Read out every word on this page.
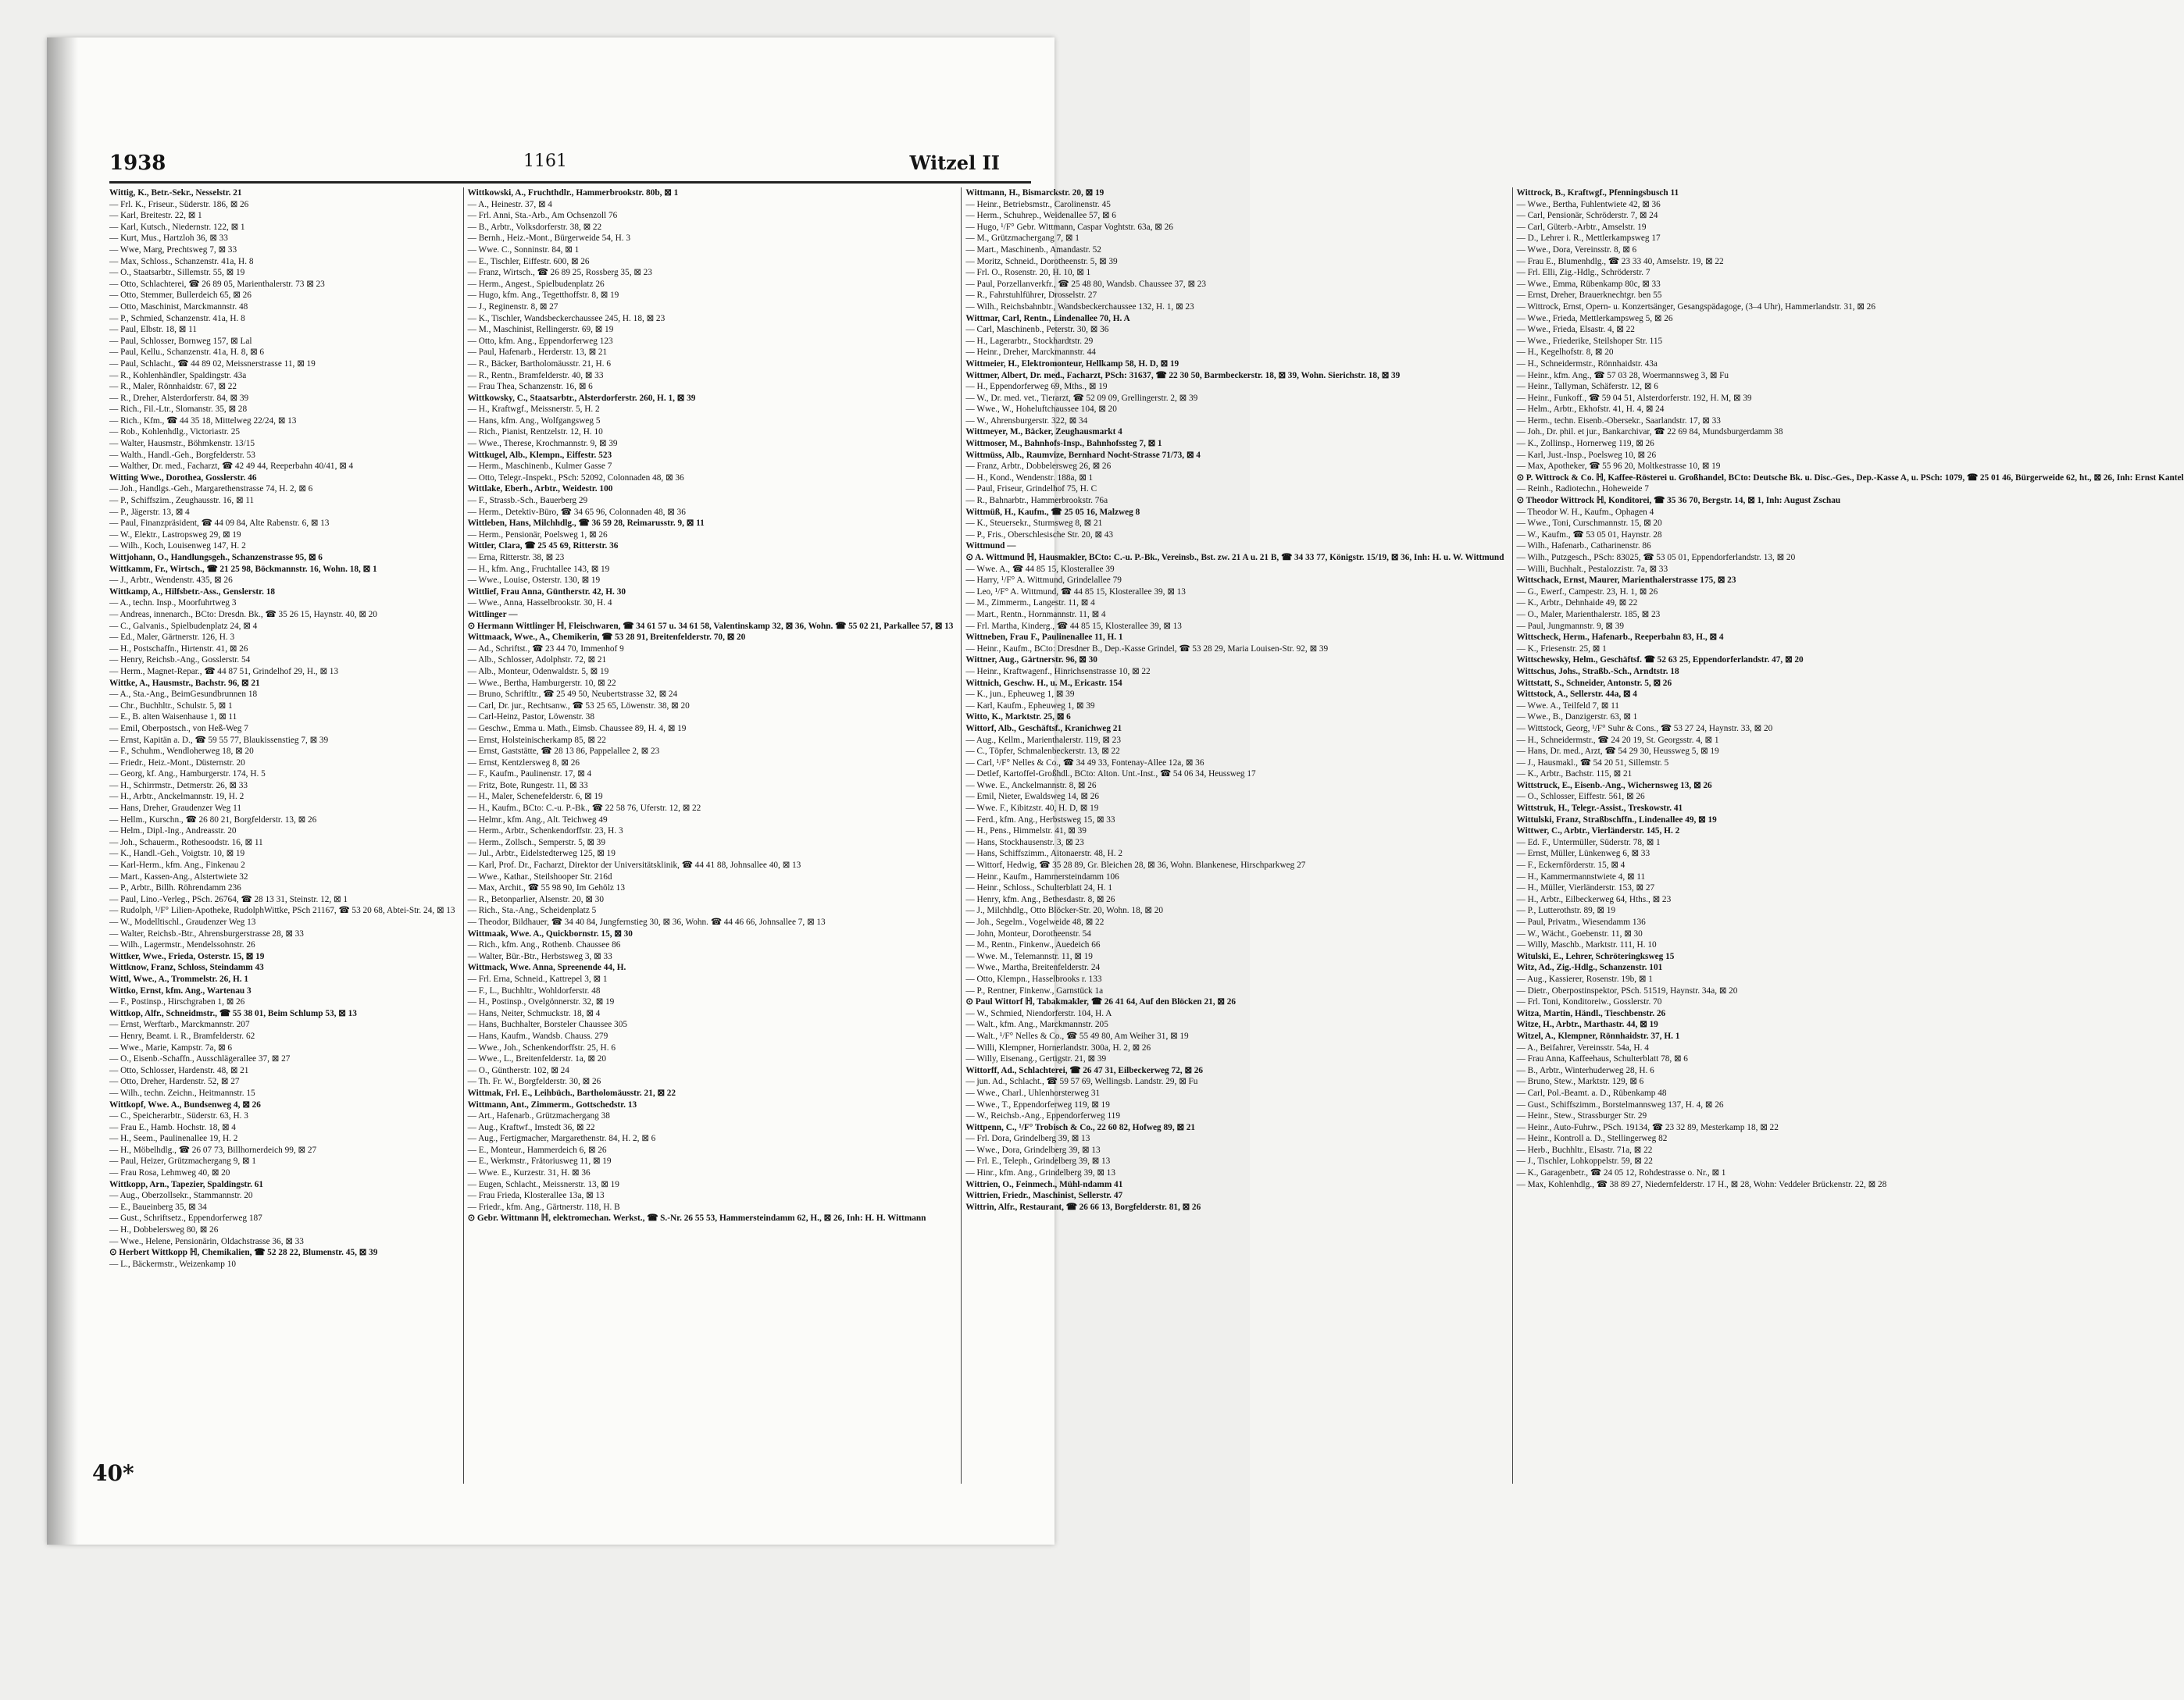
1938	1161	Witzel II
Wittig, K., Betr.-Sekr., Nesselstr. 21
— Frl. K., Friseur., Süderstr. 186, ⊠ 26
— Karl, Breitestr. 22, ⊠ 1
— Karl, Kutsch., Niedernstr. 122, ⊠ 1
— Kurt, Mus., Hartzloh 36, ⊠ 33
— Wwe, Marg, Prechtsweg 7, ⊠ 33
— Max, Schloss., Schanzenstr. 41a, H. 8
— O., Staatsarbtr., Sillemstr. 55, ⊠ 19
— Otto, Schlachterei, ☎ 26 89 05, Marienthalerstr. 73 ⊠ 23
— Otto, Stemmer, Bullerdeich 65, ⊠ 26
— Otto, Maschinist, Marckmannstr. 48
— P., Schmied, Schanzenstr. 41a, H. 8
— Paul, Elbstr. 18, ⊠ 11
— Paul, Schlosser, Bornweg 157, ⊠ Lal
— Paul, Kellu., Schanzenstr. 41a, H. 8, ⊠ 6
— Paul, Schlacht., ☎ 44 89 02, Meissnerstrasse 11, ⊠ 19
— R., Kohlenhändler, Spaldingstr. 43a
— R., Maler, Rönnhaidstr. 67, ⊠ 22
— R., Dreher, Alsterdorferstr. 84, ⊠ 39
— Rich., Fil.-Ltr., Slomanstr. 35, ⊠ 28
— Rich., Kfm., ☎ 44 35 18, Mittelweg 22/24, ⊠ 13
— Rob., Kohlenhdlg., Victoriastr. 25
— Walter, Hausmstr., Böhmkenstr. 13/15
— Walth., Handl.-Geh., Borgfelderstr. 53
— Walther, Dr. med., Facharzt, ☎ 42 49 44, Reeperbahn 40/41, ⊠ 4
Witting Wwe., Dorothea, Gosslerstr. 46
— Joh., Handlgs.-Geh., Margarethenstrasse 74, H. 2, ⊠ 6
— P., Schiffszim., Zeughausstr. 16, ⊠ 11
— P., Jägerstr. 13, ⊠ 4
— Paul, Finanzpräsident, ☎ 44 09 84, Alte Rabenstr. 6, ⊠ 13
— W., Elektr., Lastropsweg 29, ⊠ 19
— Wilh., Koch, Louisenweg 147, H. 2
Wittjohann, O., Handlungsgeh., Schanzenstrasse 95, ⊠ 6
Wittkamm, Fr., Wirtsch., ☎ 21 25 98, Böckmannstr. 16, Wohn. 18, ⊠ 1
— J., Arbtr., Wendenstr. 435, ⊠ 26
Wittkamp, A., Hilfsbetr.-Ass., Genslerstr. 18
— A., techn. Insp., Moorfuhrtweg 3
— Andreas, innenarch., BCto: Dresdn. Bk., ☎ 35 26 15, Haynstr. 40, ⊠ 20
— C., Galvanis., Spielbudenplatz 24, ⊠ 4
— Ed., Maler, Gärtnerstr. 126, H. 3
— H., Postschaffn., Hirtenstr. 41, ⊠ 26
— Henry, Reichsb.-Ang., Gosslerstr. 54
— Herm., Magnet-Repar., ☎ 44 87 51, Grindelhof 29, H., ⊠ 13
Wittke, A., Hausmstr., Bachstr. 96, ⊠ 21
— A., Sta.-Ang., BeimGesundbrunnen 18
— Chr., Buchhltr., Schulstr. 5, ⊠ 1
— E., B. alten Waisenhause 1, ⊠ 11
— Emil, Oberpostsch., von Heß-Weg 7
— Ernst, Kapitän a. D., ☎ 59 55 77, Blaukissenstieg 7, ⊠ 39
— F., Schuhm., Wendloherweg 18, ⊠ 20
— Friedr., Heiz.-Mont., Düsternstr. 20
— Georg, kf. Ang., Hamburgerstr. 174, H. 5
— H., Schirrmstr., Detmerstr. 26, ⊠ 33
— H., Arbtr., Anckelmannstr. 19, H. 2
— Hans, Dreher, Graudenzer Weg 11
— Hellm., Kurschn., ☎ 26 80 21, Borgfelderstr. 13, ⊠ 26
— Helm., Dipl.-Ing., Andreasstr. 20
— Joh., Schauerm., Rothesoodstr. 16, ⊠ 11
— K., Handl.-Geh., Voigtstr. 10, ⊠ 19
— Karl-Herm., kfm. Ang., Finkenau 2
— Mart., Kassen-Ang., Alstertwiete 32
— P., Arbtr., Billh. Röhrendamm 236
— Paul, Lino.-Verleg., PSch. 26764, ☎ 28 13 31, Steinstr. 12, ⊠ 1
— Rudolph, ¹/F° Lilien-Apotheke, RudolphWittke, PSch 21167, ☎ 53 20 68, Abtei-Str. 24, ⊠ 13
— W., Modelltischl., Graudenzer Weg 13
— Walter, Reichsb.-Btr., Ahrensburgerstrasse 28, ⊠ 33
— Wilh., Lagermstr., Mendelssohnstr. 26
Wittker, Wwe., Frieda, Osterstr. 15, ⊠ 19
Wittknow, Franz, Schloss, Steindamm 43
Wittl, Wwe., A., Trommelstr. 26, H. 1
Wittko, Ernst, kfm. Ang., Wartenau 3
— F., Postinsp., Hirschgraben 1, ⊠ 26
Wittkop, Alfr., Schneidmstr., ☎ 55 38 01, Beim Schlump 53, ⊠ 13
— Ernst, Werftarb., Marckmannstr. 207
— Henry, Beamt. i. R., Bramfelderstr. 62
— Wwe., Marie, Kampstr. 7a, ⊠ 6
— O., Eisenb.-Schaffn., Ausschlägerallee 37, ⊠ 27
— Otto, Schlosser, Hardenstr. 48, ⊠ 21
— Otto, Dreher, Hardenstr. 52, ⊠ 27
— Wilh., techn. Zeichn., Heitmannstr. 15
Wittkopf, Wwe. A., Bundsenweg 4, ⊠ 26
— C., Speicherarbtr., Süderstr. 63, H. 3
— Frau E., Hamb. Hochstr. 18, ⊠ 4
— H., Seem., Paulinenallee 19, H. 2
— H., Möbelhdlg., ☎ 26 07 73, Billhornerdeich 99, ⊠ 27
— Paul, Heizer, Grützmachergang 9, ⊠ 1
— Frau Rosa, Lehmweg 40, ⊠ 20
Wittkopp, Arn., Tapezier, Spaldingstr. 61
— Aug., Oberzollsekr., Stammannstr. 20
— E., Baueinberg 35, ⊠ 34
— Gust., Schriftsetz., Eppendorferweg 187
— H., Dobbelersweg 80, ⊠ 26
— Wwe., Helene, Pensionärin, Oldachstrasse 36, ⊠ 33
⊙ Herbert Wittkopp ℍ, Chemikalien, ☎ 52 28 22, Blumenstr. 45, ⊠ 39
— L., Bäckermstr., Weizenkamp 10
Wittkowski, A., Fruchthdlr., Hammerbrookstr. 80b, ⊠ 1
— A., Heinestr. 37, ⊠ 4
— Frl. Anni, Sta.-Arb., Am Ochsenzoll 76
— B., Arbtr., Volksdorferstr. 38, ⊠ 22
— Bernh., Heiz.-Mont., Bürgerweide 54, H. 3
— Wwe. C., Sonninstr. 84, ⊠ 1
— E., Tischler, Eiffestr. 600, ⊠ 26
— Franz, Wirtsch., ☎ 26 89 25, Rossberg 35, ⊠ 23
— Herm., Angest., Spielbudenplatz 26
— Hugo, kfm. Ang., Tegetthoffstr. 8, ⊠ 19
— J., Reginenstr. 8, ⊠ 27
— K., Tischler, Wandsbeckerchaussee 245, H. 18, ⊠ 23
— M., Maschinist, Rellingerstr. 69, ⊠ 19
— Otto, kfm. Ang., Eppendorferweg 123
— Paul, Hafenarb., Herderstr. 13, ⊠ 21
— R., Bäcker, Bartholomäusstr. 21, H. 6
— R., Rentn., Bramfelderstr. 40, ⊠ 33
— Frau Thea, Schanzenstr. 16, ⊠ 6
Wittkowsky, C., Staatsarbtr., Alsterdorferstr. 260, H. 1, ⊠ 39
— H., Kraftwgf., Meissnerstr. 5, H. 2
— Hans, kfm. Ang., Wolfgangsweg 5
— Rich., Pianist, Rentzelstr. 12, H. 10
— Wwe., Therese, Krochmannstr. 9, ⊠ 39
Wittkugel, Alb., Klempn., Eiffestr. 523
— Herm., Maschinenb., Kulmer Gasse 7
— Otto, Telegr.-Inspekt., PSch: 52092, Colonnaden 48, ⊠ 36
Wittlake, Eberh., Arbtr., Weidestr. 100
— F., Strassb.-Sch., Bauerberg 29
— Herm., Detektiv-Büro, ☎ 34 65 96, Colonnaden 48, ⊠ 36
Wittleben, Hans, Milchhdlg., ☎ 36 59 28, Reimarusstr. 9, ⊠ 11
— Herm., Pensionär, Poelsweg 1, ⊠ 26
Wittler, Clara, ☎ 25 45 69, Ritterstr. 36
— Erna, Ritterstr. 38, ⊠ 23
— H., kfm. Ang., Fruchtallee 143, ⊠ 19
— Wwe., Louise, Osterstr. 130, ⊠ 19
Wittlief, Frau Anna, Güntherstr. 42, H. 30
— Wwe., Anna, Hasselbrookstr. 30, H. 4
Wittlinger —
⊙ Hermann Wittlinger ℍ, Fleischwaren, ☎ 34 61 57 u. 34 61 58, Valentinskamp 32, ⊠ 36, Wohn. ☎ 55 02 21, Parkallee 57, ⊠ 13
Wittmaack, Wwe., A., Chemikerin, ☎ 53 28 91, Breitenfelderstr. 70, ⊠ 20
— Ad., Schriftst., ☎ 23 44 70, Immenhof 9
— Alb., Schlosser, Adolphstr. 72, ⊠ 21
— Alb., Monteur, Odenwaldstr. 5, ⊠ 19
— Wwe., Bertha, Hamburgerstr. 10, ⊠ 22
— Bruno, Schriftltr., ☎ 25 49 50, Neubertstrasse 32, ⊠ 24
— Carl, Dr. jur., Rechtsanw., ☎ 53 25 65, Löwenstr. 38, ⊠ 20
— Carl-Heinz, Pastor, Löwenstr. 38
— Geschw., Emma u. Math., Eimsb. Chaussee 89, H. 4, ⊠ 19
— Ernst, Holsteinischerkamp 85, ⊠ 22
— Ernst, Gaststätte, ☎ 28 13 86, Pappelallee 2, ⊠ 23
— Ernst, Kentzlersweg 8, ⊠ 26
— F., Kaufm., Paulinenstr. 17, ⊠ 4
— Fritz, Bote, Rungestr. 11, ⊠ 33
— H., Maler, Schenefelderstr. 6, ⊠ 19
— H., Kaufm., BCto: C.-u. P.-Bk., ☎ 22 58 76, Uferstr. 12, ⊠ 22
— Helmr., kfm. Ang., Alt. Teichweg 49
— Herm., Arbtr., Schenkendorffstr. 23, H. 3
— Herm., Zollsch., Semperstr. 5, ⊠ 39
— Jul., Arbtr., Eidelstedterweg 125, ⊠ 19
— Karl, Prof. Dr., Facharzt, Direktor der Universitätsklinik, ☎ 44 41 88, Johnsallee 40, ⊠ 13
— Wwe., Kathar., Steilshooper Str. 216d
— Max, Archit., ☎ 55 98 90, Im Gehölz 13
— R., Betonparlier, Alsenstr. 20, ⊠ 30
— Rich., Sta.-Ang., Scheidenplatz 5
— Theodor, Bildhauer, ☎ 34 40 84, Jungfernstieg 30, ⊠ 36, Wohn. ☎ 44 46 66, Johnsallee 7, ⊠ 13
Wittmaak, Wwe. A., Quickbornstr. 15, ⊠ 30
— Rich., kfm. Ang., Rothenb. Chaussee 86
— Walter, Bür.-Btr., Herbstsweg 3, ⊠ 33
Wittmack, Wwe. Anna, Spreenende 44, H.
— Frl. Erna, Schneid., Kattrepel 3, ⊠ 1
— F., L., Buchhltr., Wohldorferstr. 48
— H., Postinsp., Ovelgönnerstr. 32, ⊠ 19
— Hans, Neiter, Schmuckstr. 18, ⊠ 4
— Hans, Buchhalter, Borsteler Chaussee 305
— Hans, Kaufm., Wandsb. Chauss. 279
— Wwe., Joh., Schenkendorffstr. 25, H. 6
— Wwe., L., Breitenfelderstr. 1a, ⊠ 20
— O., Güntherstr. 102, ⊠ 24
— Th. Fr. W., Borgfelderstr. 30, ⊠ 26
Wittmak, Frl. E., Leihbüch., Bartholomäusstr. 21, ⊠ 22
Wittmann, Ant., Zimmerm., Gottschedstr. 13
— Art., Hafenarb., Grützmachergang 38
— Aug., Kraftwf., Imstedt 36, ⊠ 22
— Aug., Fertigmacher, Margarethenstr. 84, H. 2, ⊠ 6
— E., Monteur., Hammerdeich 6, ⊠ 26
— E., Werkmstr., Frätoriusweg 11, ⊠ 19
— Wwe. E., Kurzestr. 31, H. ⊠ 36
— Eugen, Schlacht., Meissnerstr. 13, ⊠ 19
— Frau Frieda, Klosterallee 13a, ⊠ 13
— Friedr., kfm. Ang., Gärtnerstr. 118, H. B
⊙ Gebr. Wittmann ℍ, elektromechan. Werkst., ☎ S.-Nr. 26 55 53, Hammersteindamm 62, H., ⊠ 26, Inh: H. H. Wittmann
Wittmann, H., Bismarckstr. 20, ⊠ 19
— Heinr., Betriebsmstr., Carolinenstr. 45
— Herm., Schuhrep., Weidenallee 57, ⊠ 6
— Hugo, ¹/F° Gebr. Wittmann, Caspar Voghtstr. 63a, ⊠ 26
— M., Grützmachergang 7, ⊠ 1
— Mart., Maschinenb., Amandastr. 52
— Moritz, Schneid., Dorotheenstr. 5, ⊠ 39
— Frl. O., Rosenstr. 20, H. 10, ⊠ 1
— Paul, Porzellanverkfr., ☎ 25 48 80, Wandsb. Chaussee 37, ⊠ 23
— R., Fahrstuhlführer, Drosselstr. 27
— Wilh., Reichsbahnbtr., Wandsbeckerchaussee 132, H. 1, ⊠ 23
Wittmar, Carl, Rentn., Lindenallee 70, H. A
— Carl, Maschinenb., Peterstr. 30, ⊠ 36
— H., Lagerarbtr., Stockhardtstr. 29
— Heinr., Dreher, Marckmannstr. 44
Wittmeier, H., Elektromonteur, Hellkamp 58, H. D, ⊠ 19
Wittmer, Albert, Dr. med., Facharzt, PSch: 31637, ☎ 22 30 50, Barmbeckerstr. 18, ⊠ 39, Wohn. Sierichstr. 18, ⊠ 39
— H., Eppendorferweg 69, Mths., ⊠ 19
— W., Dr. med. vet., Tierarzt, ☎ 52 09 09, Grellingerstr. 2, ⊠ 39
— Wwe., W., Hoheluftchaussee 104, ⊠ 20
— W., Ahrensburgerstr. 322, ⊠ 34
Wittmeyer, M., Bäcker, Zeughausmarkt 4
Wittmoser, M., Bahnhofs-Insp., Bahnhofssteg 7, ⊠ 1
Wittmüss, Alb., Raumvize, Bernhard Nocht-Strasse 71/73, ⊠ 4
— Franz, Arbtr., Dobbelersweg 26, ⊠ 26
— H., Kond., Wendenstr. 188a, ⊠ 1
— Paul, Friseur, Grindelhof 75, H. C
— R., Bahnarbtr., Hammerbrookstr. 76a
Wittmüß, H., Kaufm., ☎ 25 05 16, Malzweg 8
— K., Steuersekr., Sturmsweg 8, ⊠ 21
— P., Fris., Oberschlesische Str. 20, ⊠ 43
Wittmund —
⊙ A. Wittmund ℍ, Hausmakler, BCto: C.-u. P.-Bk., Vereinsb., Bst. zw. 21 A u. 21 B, ☎ 34 33 77, Königstr. 15/19, ⊠ 36, Inh: H. u. W. Wittmund
— Wwe. A., ☎ 44 85 15, Klosterallee 39
— Harry, ¹/F° A. Wittmund, Grindelallee 79
— Leo, ¹/F° A. Wittmund, ☎ 44 85 15, Klosterallee 39, ⊠ 13
— M., Zimmerm., Langestr. 11, ⊠ 4
— Mart., Rentn., Hornmannstr. 11, ⊠ 4
— Frl. Martha, Kinderg., ☎ 44 85 15, Klosterallee 39, ⊠ 13
Wittneben, Frau F., Paulinenallee 11, H. 1
— Heinr., Kaufm., BCto: Dresdner B., Dep.-Kasse Grindel, ☎ 53 28 29, Maria Louisen-Str. 92, ⊠ 39
Wittner, Aug., Gärtnerstr. 96, ⊠ 30
— Heinr., Kraftwagenf., Hinrichsenstrasse 10, ⊠ 22
Wittnich, Geschw. H., u. M., Ericastr. 154
— K., jun., Epheuweg 1, ⊠ 39
— Karl, Kaufm., Epheuweg 1, ⊠ 39
Witto, K., Marktstr. 25, ⊠ 6
Wittorf, Alb., Geschäftsf., Kranichweg 21
— Aug., Kellm., Marienthalerstr. 119, ⊠ 23
— C., Töpfer, Schmalenbeckerstr. 13, ⊠ 22
— Carl, ¹/F° Nelles & Co., ☎ 34 49 33, Fontenay-Allee 12a, ⊠ 36
— Detlef, Kartoffel-Großhdl., BCto: Alton. Unt.-Inst., ☎ 54 06 34, Heussweg 17
— Wwe. E., Anckelmannstr. 8, ⊠ 26
— Emil, Nieter, Ewaldsweg 14, ⊠ 26
— Wwe. F., Kibitzstr. 40, H. D, ⊠ 19
— Ferd., kfm. Ang., Herbstsweg 15, ⊠ 33
— H., Pens., Himmelstr. 41, ⊠ 39
— Hans, Stockhausenstr. 3, ⊠ 23
— Hans, Schiffszimm., Aitonaerstr. 48, H. 2
— Wittorf, Hedwig, ☎ 35 28 89, Gr. Bleichen 28, ⊠ 36, Wohn. Blankenese, Hirschparkweg 27
— Heinr., Kaufm., Hammersteindamm 106
— Heinr., Schloss., Schulterblatt 24, H. 1
— Henry, kfm. Ang., Bethesdastr. 8, ⊠ 26
— J., Milchhdlg., Otto Blöcker-Str. 20, Wohn. 18, ⊠ 20
— Joh., Segelm., Vogelweide 48, ⊠ 22
— John, Monteur, Dorotheenstr. 54
— M., Rentn., Finkenw., Auedeich 66
— Wwe. M., Telemannstr. 11, ⊠ 19
— Wwe., Martha, Breitenfelderstr. 24
— Otto, Klempn., Hasselbrooks r. 133
— P., Rentner, Finkenw., Garnstück 1a
⊙ Paul Wittorf ℍ, Tabakmakler, ☎ 26 41 64, Auf den Blöcken 21, ⊠ 26
— W., Schmied, Niendorferstr. 104, H. A
— Walt., kfm. Ang., Marckmannstr. 205
— Walt., ¹/F° Nelles & Co., ☎ 55 49 80, Am Weiher 31, ⊠ 19
— Willi, Klempner, Hornerlandstr. 300a, H. 2, ⊠ 26
— Willy, Eisenang., Gertigstr. 21, ⊠ 39
Wittorff, Ad., Schlachterei, ☎ 26 47 31, Eilbeckerweg 72, ⊠ 26
— jun. Ad., Schlacht., ☎ 59 57 69, Wellingsb. Landstr. 29, ⊠ Fu
— Wwe., Charl., Uhlenhorsterweg 31
— Wwe., T., Eppendorferweg 119, ⊠ 19
— W., Reichsb.-Ang., Eppendorferweg 119
Wittpenn, C., ¹/F° Trobisch & Co., 22 60 82, Hofweg 89, ⊠ 21
— Frl. Dora, Grindelberg 39, ⊠ 13
— Wwe., Dora, Grindelberg 39, ⊠ 13
— Frl. E., Teleph., Grindelberg 39, ⊠ 13
— Hinr., kfm. Ang., Grindelberg 39, ⊠ 13
Wittrien, O., Feinmech., Mühl-ndamm 41
Wittrien, Friedr., Maschinist, Sellerstr. 47
Wittrin, Alfr., Restaurant, ☎ 26 66 13, Borgfelderstr. 81, ⊠ 26
Wittrock, B., Kraftwgf., Pfenningsbusch 11
— Wwe., Bertha, Fuhlentwiete 42, ⊠ 36
— Carl, Pensionär, Schröderstr. 7, ⊠ 24
— Carl, Güterb.-Arbtr., Amselstr. 19
— D., Lehrer i. R., Mettlerkampsweg 17
— Wwe., Dora, Vereinsstr. 8, ⊠ 6
— Frau E., Blumenhdlg., ☎ 23 33 40, Amselstr. 19, ⊠ 22
— Frl. Elli, Zig.-Hdlg., Schröderstr. 7
— Wwe., Emma, Rübenkamp 80c, ⊠ 33
— Ernst, Dreher, Brauerknechtgr. ben 55
— Wittrock, Ernst, Opern- u. Konzertsänger, Gesangspädagoge, (3–4 Uhr), Hammerlandstr. 31, ⊠ 26
— Wwe., Frieda, Mettlerkampsweg 5, ⊠ 26
— Wwe., Frieda, Elsastr. 4, ⊠ 22
— Wwe., Friederike, Steilshoper Str. 115
— H., Kegelhofstr. 8, ⊠ 20
— H., Schneidermstr., Rönnhaidstr. 43a
— Heinr., kfm. Ang., ☎ 57 03 28, Woermannsweg 3, ⊠ Fu
— Heinr., Tallyman, Schäferstr. 12, ⊠ 6
— Heinr., Funkoff., ☎ 59 04 51, Alsterdorferstr. 192, H. M, ⊠ 39
— Helm., Arbtr., Ekhofstr. 41, H. 4, ⊠ 24
— Herm., techn. Eisenb.-Obersekr., Saarlandstr. 17, ⊠ 33
— Joh., Dr. phil. et jur., Bankarchivar, ☎ 22 69 84, Mundsburgerdamm 38
— K., Zollinsp., Hornerweg 119, ⊠ 26
— Karl, Just.-Insp., Poelsweg 10, ⊠ 26
— Max, Apotheker, ☎ 55 96 20, Moltkestrasse 10, ⊠ 19
⊙ P. Wittrock & Co. ℍ, Kaffee-Rösterei u. Großhandel, BCto: Deutsche Bk. u. Disc.-Ges., Dep.-Kasse A, u. PSch: 1079, ☎ 25 01 46, Bürgerweide 62, ht., ⊠ 26, Inh: Ernst Kantel
— Reinh., Radiotechn., Hoheweide 7
⊙ Theodor Wittrock ℍ, Konditorei, ☎ 35 36 70, Bergstr. 14, ⊠ 1, Inh: August Zschau
— Theodor W. H., Kaufm., Ophagen 4
— Wwe., Toni, Curschmannstr. 15, ⊠ 20
— W., Kaufm., ☎ 53 05 01, Haynstr. 28
— Wilh., Hafenarb., Catharinenstr. 86
— Wilh., Putzgesch., PSch: 83025, ☎ 53 05 01, Eppendorferlandstr. 13, ⊠ 20
— Willi, Buchhalt., Pestalozzistr. 7a, ⊠ 33
Wittschack, Ernst, Maurer, Marienthalerstrasse 175, ⊠ 23
— G., Ewerf., Campestr. 23, H. 1, ⊠ 26
— K., Arbtr., Dehnhaide 49, ⊠ 22
— O., Maler, Marienthalerstr. 185, ⊠ 23
— Paul, Jungmannstr. 9, ⊠ 39
Wittscheck, Herm., Hafenarb., Reeperbahn 83, H., ⊠ 4
— K., Friesenstr. 25, ⊠ 1
Wittschewsky, Helm., Geschäftsf. ☎ 52 63 25, Eppendorferlandstr. 47, ⊠ 20
Wittschus, Johs., Straßb.-Sch., Arndtstr. 18
Wittstatt, S., Schneider, Antonstr. 5, ⊠ 26
Wittstock, A., Sellerstr. 44a, ⊠ 4
— Wwe. A., Teilfeld 7, ⊠ 11
— Wwe., B., Danzigerstr. 63, ⊠ 1
— Wittstock, Georg, ¹/F° Suhr & Cons., ☎ 53 27 24, Haynstr. 33, ⊠ 20
— H., Schneidermstr., ☎ 24 20 19, St. Georgsstr. 4, ⊠ 1
— Hans, Dr. med., Arzt, ☎ 54 29 30, Heussweg 5, ⊠ 19
— J., Hausmakl., ☎ 54 20 51, Sillemstr. 5
— K., Arbtr., Bachstr. 115, ⊠ 21
Wittstruck, E., Eisenb.-Ang., Wichernsweg 13, ⊠ 26
— O., Schlosser, Eiffestr. 561, ⊠ 26
Wittstruk, H., Telegr.-Assist., Treskowstr. 41
Wittulski, Franz, Straßbschffn., Lindenallee 49, ⊠ 19
Wittwer, C., Arbtr., Vierländerstr. 145, H. 2
— Ed. F., Untermüller, Süderstr. 78, ⊠ 1
— Ernst, Müller, Lünkenweg 6, ⊠ 33
— F., Eckernförderstr. 15, ⊠ 4
— H., Kammermannstwiete 4, ⊠ 11
— H., Müller, Vierländerstr. 153, ⊠ 27
— H., Arbtr., Eilbeckerweg 64, Hths., ⊠ 23
— P., Lutterothstr. 89, ⊠ 19
— Paul, Privatm., Wiesendamm 136
— W., Wächt., Goebenstr. 11, ⊠ 30
— Willy, Maschb., Marktstr. 111, H. 10
Witulski, E., Lehrer, Schröteringksweg 15
Witz, Ad., Zig.-Hdlg., Schanzenstr. 101
— Aug., Kassierer, Rosenstr. 19b, ⊠ 1
— Dietr., Oberpostinspektor, PSch. 51519, Haynstr. 34a, ⊠ 20
— Frl. Toni, Konditoreiw., Gosslerstr. 70
Witza, Martin, Händl., Tieschbenstr. 26
Witze, H., Arbtr., Marthastr. 44, ⊠ 19
Witzel, A., Klempner, Rönnhaidstr. 37, H. 1
— A., Beifahrer, Vereinsstr. 54a, H. 4
— Frau Anna, Kaffeehaus, Schulterblatt 78, ⊠ 6
— B., Arbtr., Winterhuderweg 28, H. 6
— Bruno, Stew., Marktstr. 129, ⊠ 6
— Carl, Pol.-Beamt. a. D., Rübenkamp 48
— Gust., Schiffszimm., Borstelmannsweg 137, H. 4, ⊠ 26
— Heinr., Stew., Strassburger Str. 29
— Heinr., Auto-Fuhrw., PSch. 19134, ☎ 23 32 89, Mesterkamp 18, ⊠ 22
— Heinr., Kontroll a. D., Stellingerweg 82
— Herb., Buchhltr., Elsastr. 71a, ⊠ 22
— J., Tischler, Lohkoppelstr. 59, ⊠ 22
— K., Garagenbetr., ☎ 24 05 12, Rohdestrasse o. Nr., ⊠ 1
— Max, Kohlenhdlg., ☎ 38 89 27, Niedernfelderstr. 17 H., ⊠ 28, Wohn: Veddeler Brückenstr. 22, ⊠ 28
40*
